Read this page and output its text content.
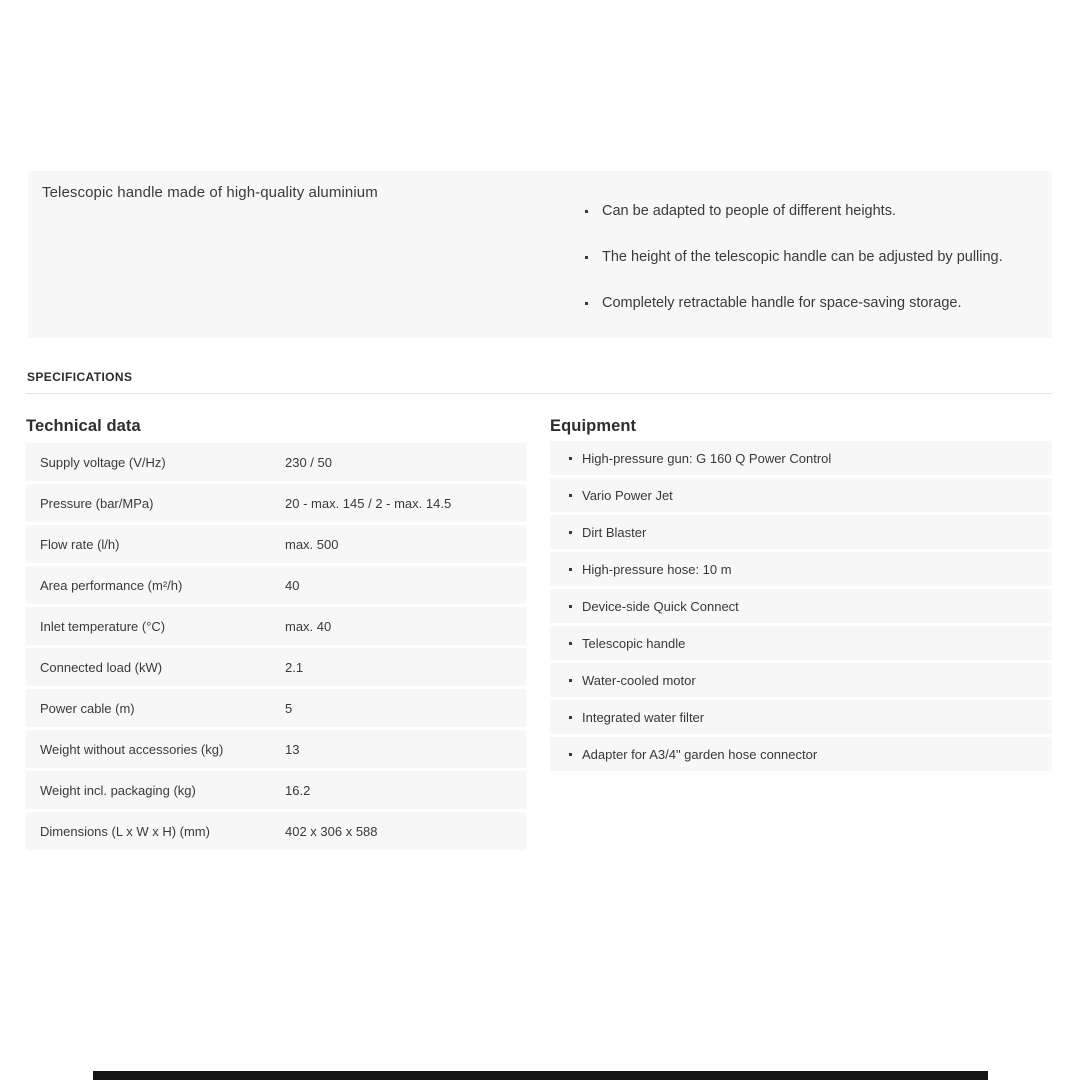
Telescopic handle made of high-quality aluminium
Can be adapted to people of different heights.
The height of the telescopic handle can be adjusted by pulling.
Completely retractable handle for space-saving storage.
SPECIFICATIONS
Technical data
Supply voltage (V/Hz)	230 / 50
Pressure (bar/MPa)	20 - max. 145 / 2 - max. 14.5
Flow rate (l/h)	max. 500
Area performance (m²/h)	40
Inlet temperature (°C)	max. 40
Connected load (kW)	2.1
Power cable (m)	5
Weight without accessories (kg)	13
Weight incl. packaging (kg)	16.2
Dimensions (L x W x H) (mm)	402 x 306 x 588
Equipment
High-pressure gun: G 160 Q Power Control
Vario Power Jet
Dirt Blaster
High-pressure hose: 10 m
Device-side Quick Connect
Telescopic handle
Water-cooled motor
Integrated water filter
Adapter for A3/4" garden hose connector
